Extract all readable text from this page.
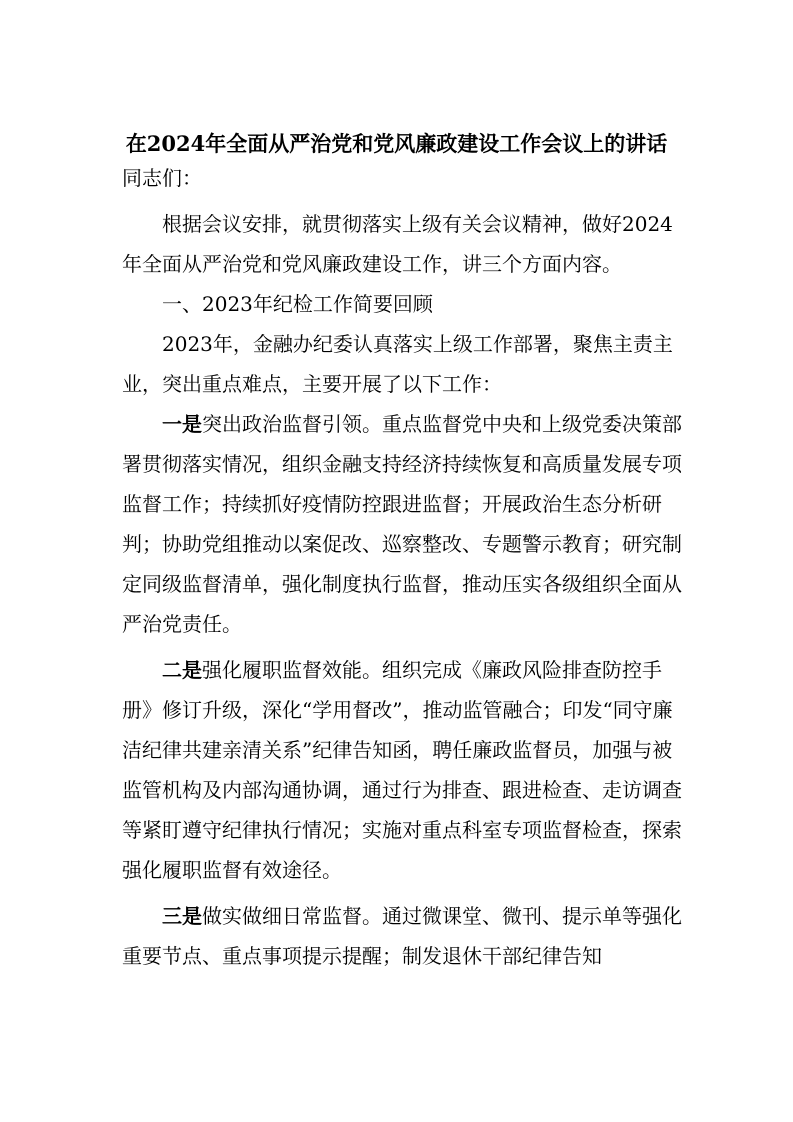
在2024年全面从严治党和党风廉政建设工作会议上的讲话

同志们：

根据会议安排，就贯彻落实上级有关会议精神，做好2024年全面从严治党和党风廉政建设工作，讲三个方面内容。

一、2023年纪检工作简要回顾

2023年，金融办纪委认真落实上级工作部署，聚焦主责主业，突出重点难点，主要开展了以下工作：

一是突出政治监督引领。重点监督党中央和上级党委决策部署贯彻落实情况，组织金融支持经济持续恢复和高质量发展专项监督工作；持续抓好疫情防控跟进监督；开展政治生态分析研判；协助党组推动以案促改、巡察整改、专题警示教育；研究制定同级监督清单，强化制度执行监督，推动压实各级组织全面从严治党责任。

二是强化履职监督效能。组织完成《廉政风险排查防控手册》修订升级，深化“学用督改”，推动监管融合；印发“同守廉洁纪律共建亲清关系”纪律告知函，聘任廉政监督员，加强与被监管机构及内部沟通协调，通过行为排查、跟进检查、走访调查等紧盯遵守纪律执行情况；实施对重点科室专项监督检查，探索强化履职监督有效途径。

三是做实做细日常监督。通过微课堂、微刊、提示单等强化重要节点、重点事项提示提醒；制发退休干部纪律告知
